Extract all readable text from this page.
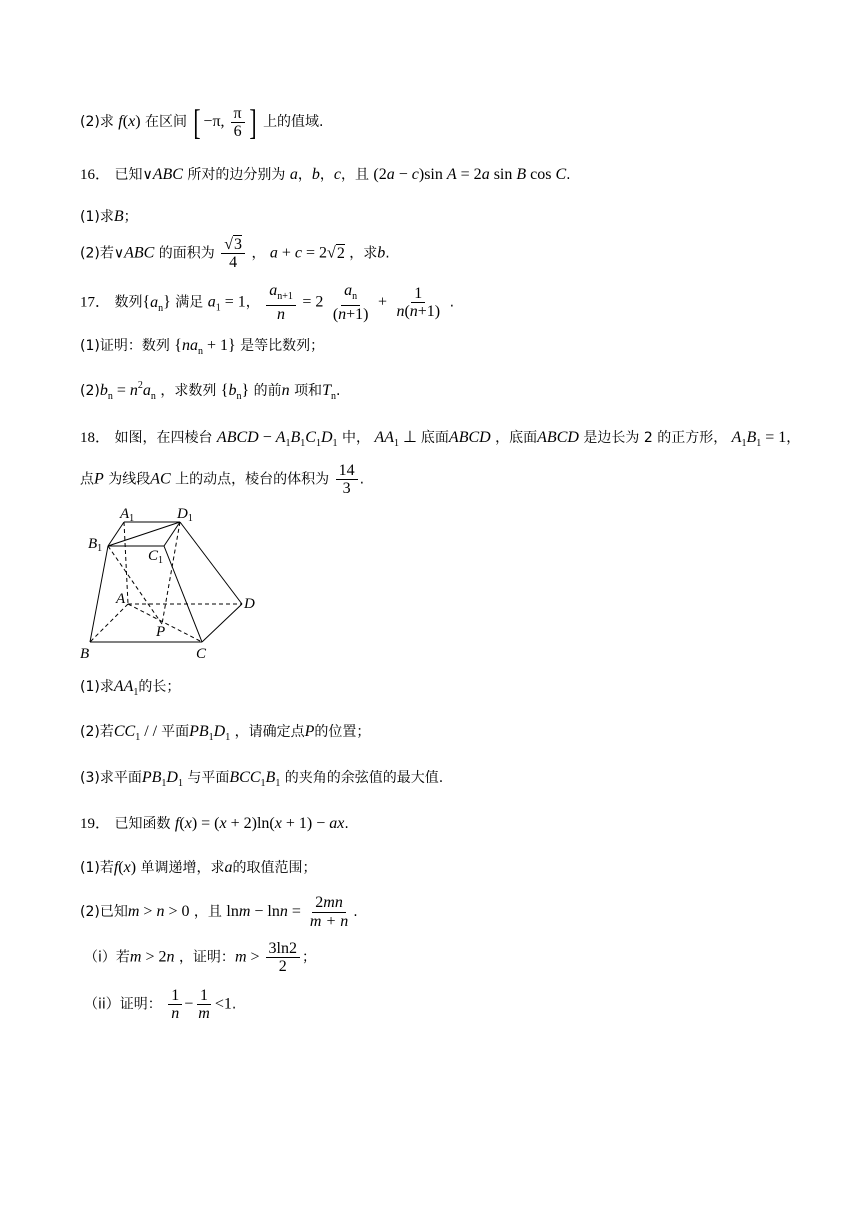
(2)求 f(x) 在区间 [ −π, $\frac{\pi}{6}$ ] 上的值域.
16． 已知∨ABC 所对的边分别为 a，b，c，且 (2a − c)sin A = 2a sin B cos C.
(1)求B；
(2)若∨ABC 的面积为 $\frac{√3}{4}$ ， a + c = 2√2 ，求b.
17． 数列$\{a_n\}$ 满足 $a_1 = 1$， $\frac{a_{n+1}}{n} = 2 \frac{a_n}{(n+1)} + \frac{1}{n(n+1)}$ .
(1)证明：数列 $\{na_n + 1\}$ 是等比数列；
$(2)b_n = n^2a_n$ ，求数列 $\{b_n\}$ 的前n 项和$T_n$.
18． 如图，在四棱台 ABCD − $A_1B_1C_1D_1$ 中， $AA_1$ ⊥ 底面ABCD ，底面ABCD 是边长为 2 的正方形， $A_1B_1 = 1$，
点P 为线段AC 上的动点，棱台的体积为 $\frac{14}{3}$ .
$A_1$	$D_1$
$B_1$	$C_1$
A	D
P
B	C
(1)求$AA_1$的长；
(2)若$CC_1$ / / 平面$PB_1D_1$ ，请确定点P的位置；
(3)求平面$PB_1D_1$ 与平面$BCC_1B_1$ 的夹角的余弦值的最大值.
19． 已知函数 f(x) = (x + 2)ln(x + 1) − ax.
(1)若f(x) 单调递增，求a的取值范围；
(2)已知m > n > 0 ，且 $\ln m - \ln n = \frac{2mn}{m + n}$ .
（i）若m > 2n ，证明：$m > \frac{3\ln 2}{2}$ ；
（ii）证明： $\frac{1}{n} - \frac{1}{m} <1$.
